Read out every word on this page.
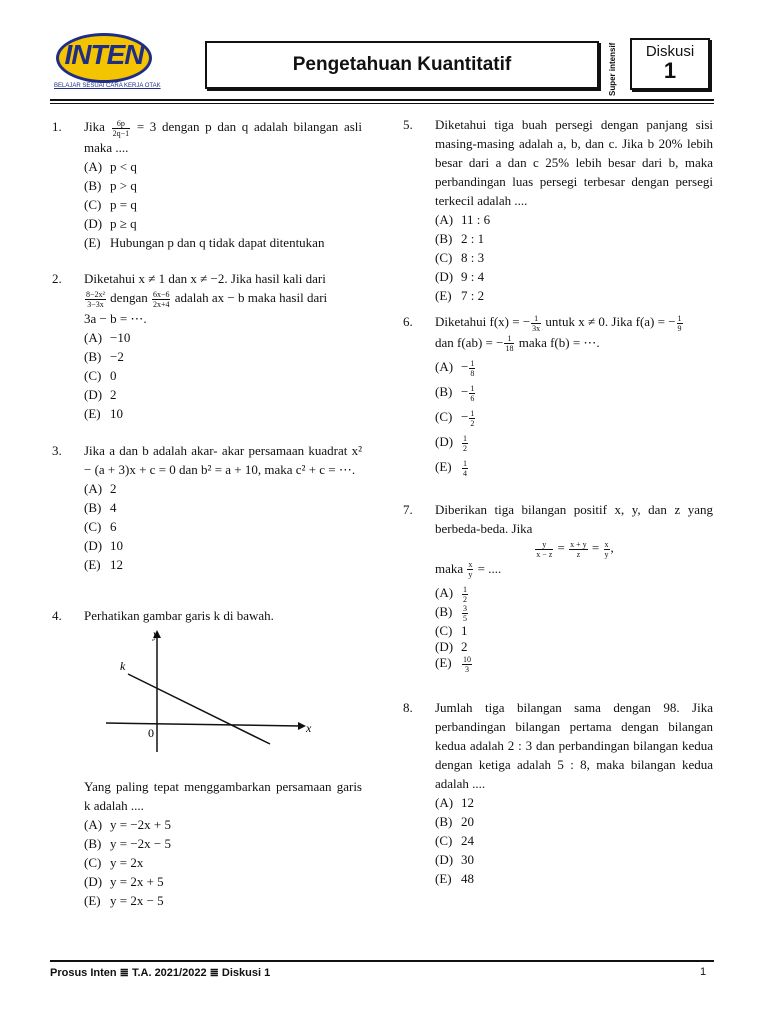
INTEN
BELAJAR SESUAI CARA KERJA OTAK
Pengetahuan Kuantitatif	Super intensif	Diskusi
1
1. Jika $\frac{6p}{2q-1} = 3$ dengan p dan q adalah bilangan asli maka ....
(A) p < q
(B) p > q
(C) p = q
(D) p ≥ q
(E) Hubungan p dan q tidak dapat ditentukan
2. Diketahui x ≠ 1 dan x ≠ −2. Jika hasil kali dari
$\frac{\text{8−2x²}}{3-3x}$ dengan $\frac{6x-6}{2x+4}$ adalah ax − b maka hasil dari
3a − b = ⋯.
(A) −10
(B) −2
(C) 0
(D) 2
(E) 10
3. Jika a dan b adalah akar- akar persamaan kuadrat x² − (a + 3)x + c = 0 dan b² = a + 10, maka c² + c = ⋯.
(A) 2
(B) 4
(C) 6
(D) 10
(E) 12
4. Perhatikan gambar garis k di bawah.
y
x
k
0
Yang paling tepat menggambarkan persamaan garis k adalah ....
(A) y = −2x + 5
(B) y = −2x − 5
(C) y = 2x
(D) y = 2x + 5
(E) y = 2x − 5
5. Diketahui tiga buah persegi dengan panjang sisi masing-masing adalah a, b, dan c. Jika b 20% lebih besar dari a dan c 25% lebih besar dari b, maka perbandingan luas persegi terbesar dengan persegi terkecil adalah ....
(A) 11 : 6
(B) 2 : 1
(C) 8 : 3
(D) 9 : 4
(E) 7 : 2
6. Diketahui f(x) = − $\frac{1}{3x}$ untuk x ≠ 0. Jika f(a) = − $\frac{1}{9}$

dan f(ab) = − $\frac{1}{18}$ maka f(b) = ⋯.
$(A) - \frac{1}{8}$
$(B) - \frac{1}{6}$
$(C) - \frac{1}{2}$
$(D) \frac{1}{2}$
$(E) \frac{1}{4}$
7. Diberikan tiga bilangan positif x, y, dan z yang berbeda-beda. Jika
$\frac{y}{x - z} = \frac{x + y}{z} = \frac{x}{y}$ ,
maka $\frac{x}{y}$ = ....
$(A) \frac{1}{2}$
$(B) \frac{3}{5}$
(C) 1
(D) 2
$(E) \frac{10}{3}$
8. Jumlah tiga bilangan sama dengan 98. Jika perbandingan bilangan pertama dengan bilangan kedua adalah 2 : 3 dan perbandingan bilangan kedua dengan ketiga adalah 5 : 8, maka bilangan kedua adalah ....
(A) 12
(B) 20
(C) 24
(D) 30
(E) 48
Prosus Inten ≣ T.A. 2021/2022 ≣ Diskusi 1	1
